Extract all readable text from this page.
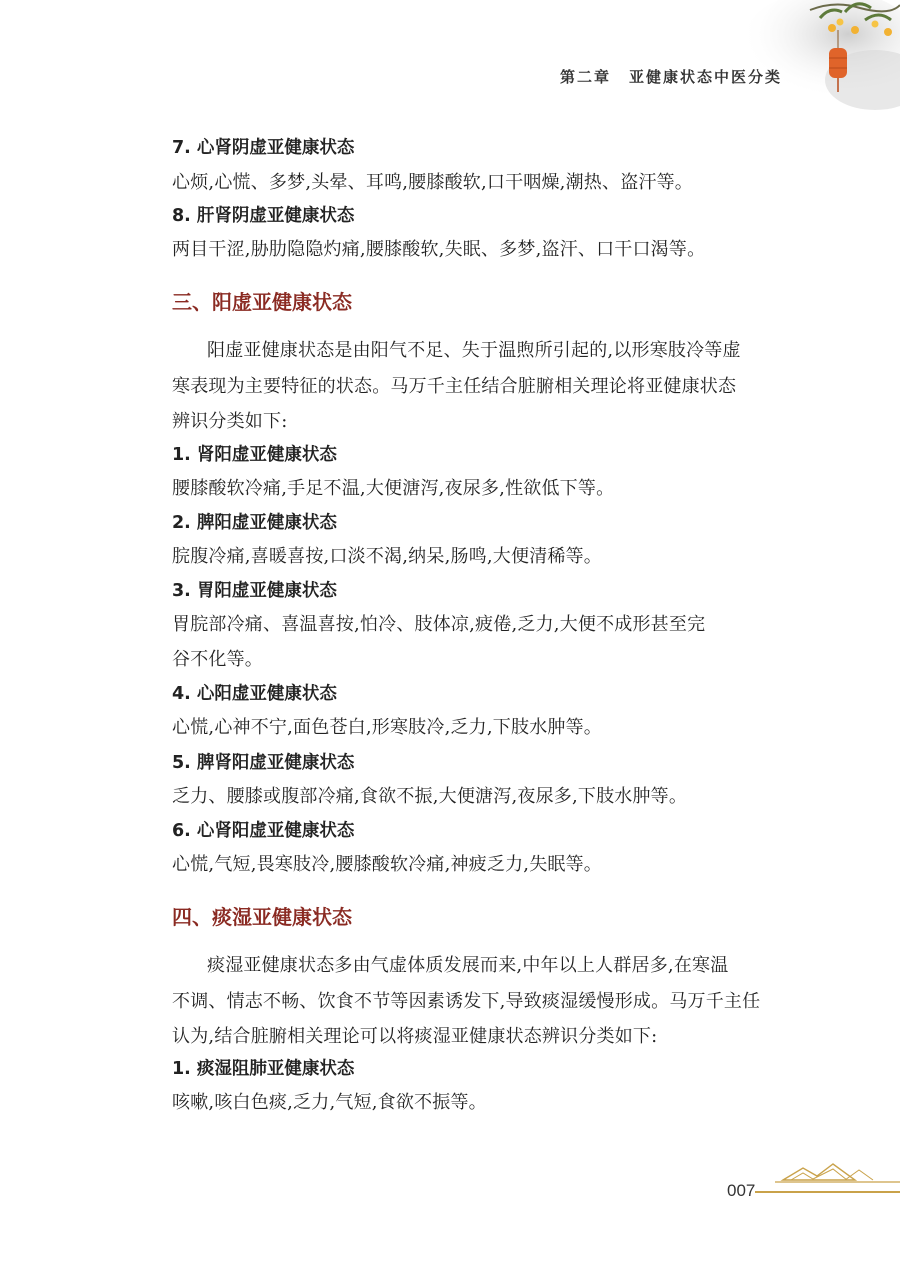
第二章 亚健康状态中医分类
7. 心肾阴虚亚健康状态
心烦,心慌、多梦,头晕、耳鸣,腰膝酸软,口干咽燥,潮热、盗汗等。
8. 肝肾阴虚亚健康状态
两目干涩,胁肋隐隐灼痛,腰膝酸软,失眠、多梦,盗汗、口干口渴等。
三、阳虚亚健康状态
阳虚亚健康状态是由阳气不足、失于温煦所引起的,以形寒肢冷等虚
寒表现为主要特征的状态。马万千主任结合脏腑相关理论将亚健康状态
辨识分类如下:
1. 肾阳虚亚健康状态
腰膝酸软冷痛,手足不温,大便溏泻,夜尿多,性欲低下等。
2. 脾阳虚亚健康状态
脘腹冷痛,喜暖喜按,口淡不渴,纳呆,肠鸣,大便清稀等。
3. 胃阳虚亚健康状态
胃脘部冷痛、喜温喜按,怕冷、肢体凉,疲倦,乏力,大便不成形甚至完
谷不化等。
4. 心阳虚亚健康状态
心慌,心神不宁,面色苍白,形寒肢冷,乏力,下肢水肿等。
5. 脾肾阳虚亚健康状态
乏力、腰膝或腹部冷痛,食欲不振,大便溏泻,夜尿多,下肢水肿等。
6. 心肾阳虚亚健康状态
心慌,气短,畏寒肢冷,腰膝酸软冷痛,神疲乏力,失眠等。
四、痰湿亚健康状态
痰湿亚健康状态多由气虚体质发展而来,中年以上人群居多,在寒温
不调、情志不畅、饮食不节等因素诱发下,导致痰湿缓慢形成。马万千主任
认为,结合脏腑相关理论可以将痰湿亚健康状态辨识分类如下:
1. 痰湿阻肺亚健康状态
咳嗽,咳白色痰,乏力,气短,食欲不振等。
007
